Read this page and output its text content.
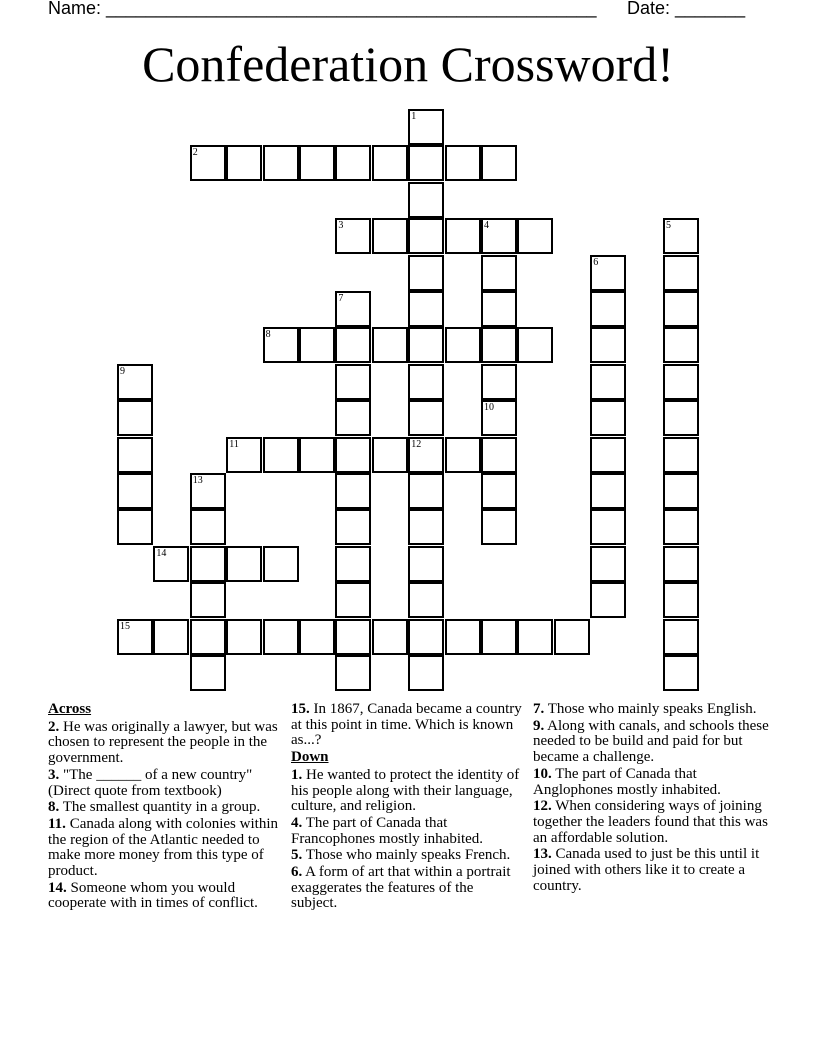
Name: _________________________________________________ Date: _______
Confederation Crossword!
1
12
2
3	4
10
5
6
7
8
9
11
13
14
15
Across
2. He was originally a lawyer, but was chosen to represent the people in the government.
3. "The ______ of a new country" (Direct quote from textbook)
8. The smallest quantity in a group.
11. Canada along with colonies within the region of the Atlantic needed to make more money from this type of product.
14. Someone whom you would cooperate with in times of conflict.
15. In 1867, Canada became a country at this point in time. Which is known as...?
Down
1. He wanted to protect the identity of his people along with their language, culture, and religion.
4. The part of Canada that Francophones mostly inhabited.
5. Those who mainly speaks French.
6. A form of art that within a portrait exaggerates the features of the subject.
7. Those who mainly speaks English.
9. Along with canals, and schools these needed to be build and paid for but became a challenge.
10. The part of Canada that Anglophones mostly inhabited.
12. When considering ways of joining together the leaders found that this was an affordable solution.
13. Canada used to just be this until it joined with others like it to create a country.
